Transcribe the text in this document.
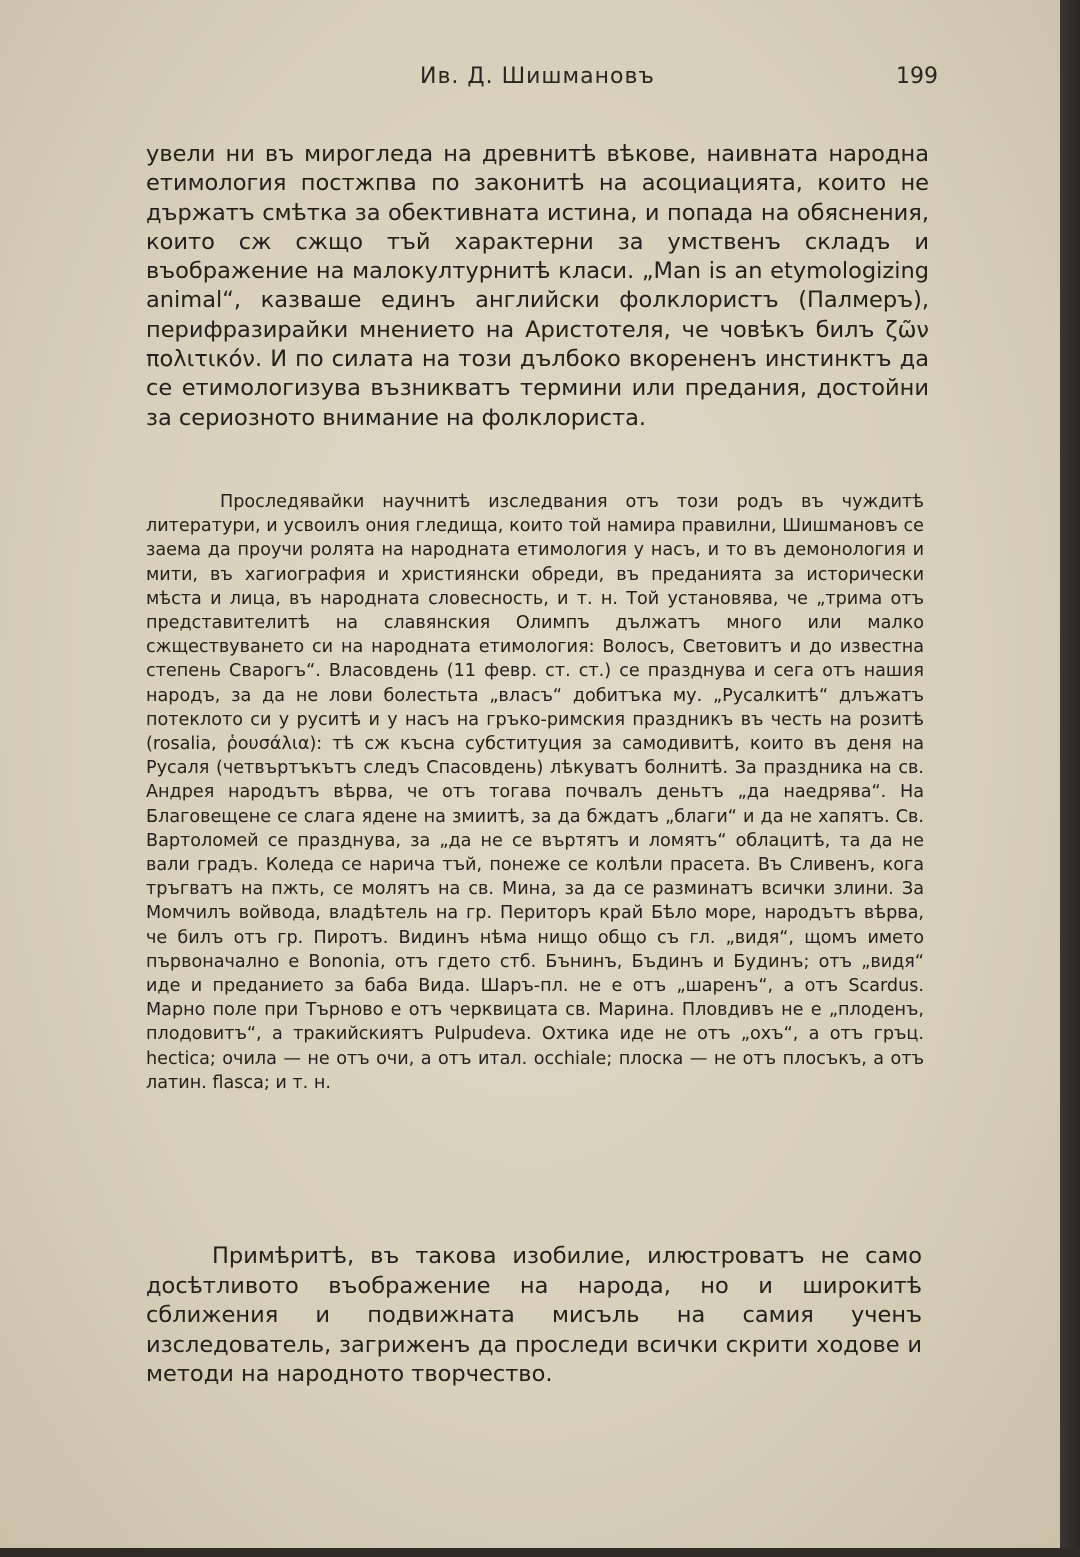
Ив. Д. Шишмановъ	199

увели ни въ мирогледа на древнитѣ вѣкове, наивната народна етимология постжпва по законитѣ на асоциацията, които не държатъ смѣтка за обективната истина, и попада на обяснения, които сж сжщо тъй характерни за умственъ складъ и въображение на малокултурнитѣ класи. „Man is an etymologizing animal“, казваше единъ английски фолклористъ (Палмеръ), перифразирайки мнението на Аристотеля, че човѣкъ билъ ζῶν πολιτικόν. И по силата на този дълбоко вкорененъ инстинктъ да се етимологизува възникватъ термини или предания, достойни за сериозното внимание на фолклориста.

Проследявайки научнитѣ изследвания отъ този родъ въ чуждитѣ литератури, и усвоилъ ония гледища, които той намира правилни, Шишмановъ се заема да проучи ролята на народната етимология у насъ, и то въ демонология и мити, въ хагиография и християнски обреди, въ преданията за исторически мѣста и лица, въ народната словесность, и т. н. Той установява, че „трима отъ представителитѣ на славянския Олимпъ дължатъ много или малко сжществуването си на народната етимология: Волосъ, Световитъ и до известна степень Сварогъ“. Власовдень (11 февр. ст. ст.) се празднува и сега отъ нашия народъ, за да не лови болестьта „власъ“ добитъка му. „Русалкитѣ“ длъжатъ потеклото си у руситѣ и у насъ на гръко-римския праздникъ въ честь на розитѣ (rosalia, ῥουσάλια): тѣ сж късна субституция за самодивитѣ, които въ деня на Русаля (четвъртъкътъ следъ Спасовдень) лѣкуватъ болнитѣ. За праздника на св. Андрея народътъ вѣрва, че отъ тогава почвалъ деньтъ „да наедрява“. На Благовещене се слага ядене на змиитѣ, за да бждатъ „благи“ и да не хапятъ. Св. Вартоломей се празднува, за „да не се въртятъ и ломятъ“ облацитѣ, та да не вали градъ. Коледа се нарича тъй, понеже се колѣли прасета. Въ Сливенъ, кога тръгватъ на пжть, се молятъ на св. Мина, за да се разминатъ всички злини. За Момчилъ войвода, владѣтель на гр. Периторъ край Бѣло море, народътъ вѣрва, че билъ отъ гр. Пиротъ. Видинъ нѣма нищо общо съ гл. „видя“, щомъ името първоначално е Bononia, отъ гдето стб. Бънинъ, Бъдинъ и Будинъ; отъ „видя“ иде и преданието за баба Вида. Шаръ-пл. не е отъ „шаренъ“, а отъ Scardus. Марно поле при Търново е отъ черквицата св. Марина. Пловдивъ не е „плоденъ, плодовитъ“, а тракийскиятъ Pulpudeva. Охтика иде не отъ „охъ“, а отъ гръц. hectica; очила — не отъ очи, а отъ итал. occhiale; плоска — не отъ плосъкъ, а отъ латин. flasca; и т. н.

Примѣритѣ, въ такова изобилие, илюстроватъ не само досѣтливото въображение на народа, но и широкитѣ сближения и подвижната мисъль на самия ученъ изследователь, загриженъ да проследи всички скрити ходове и методи на народното творчество.
